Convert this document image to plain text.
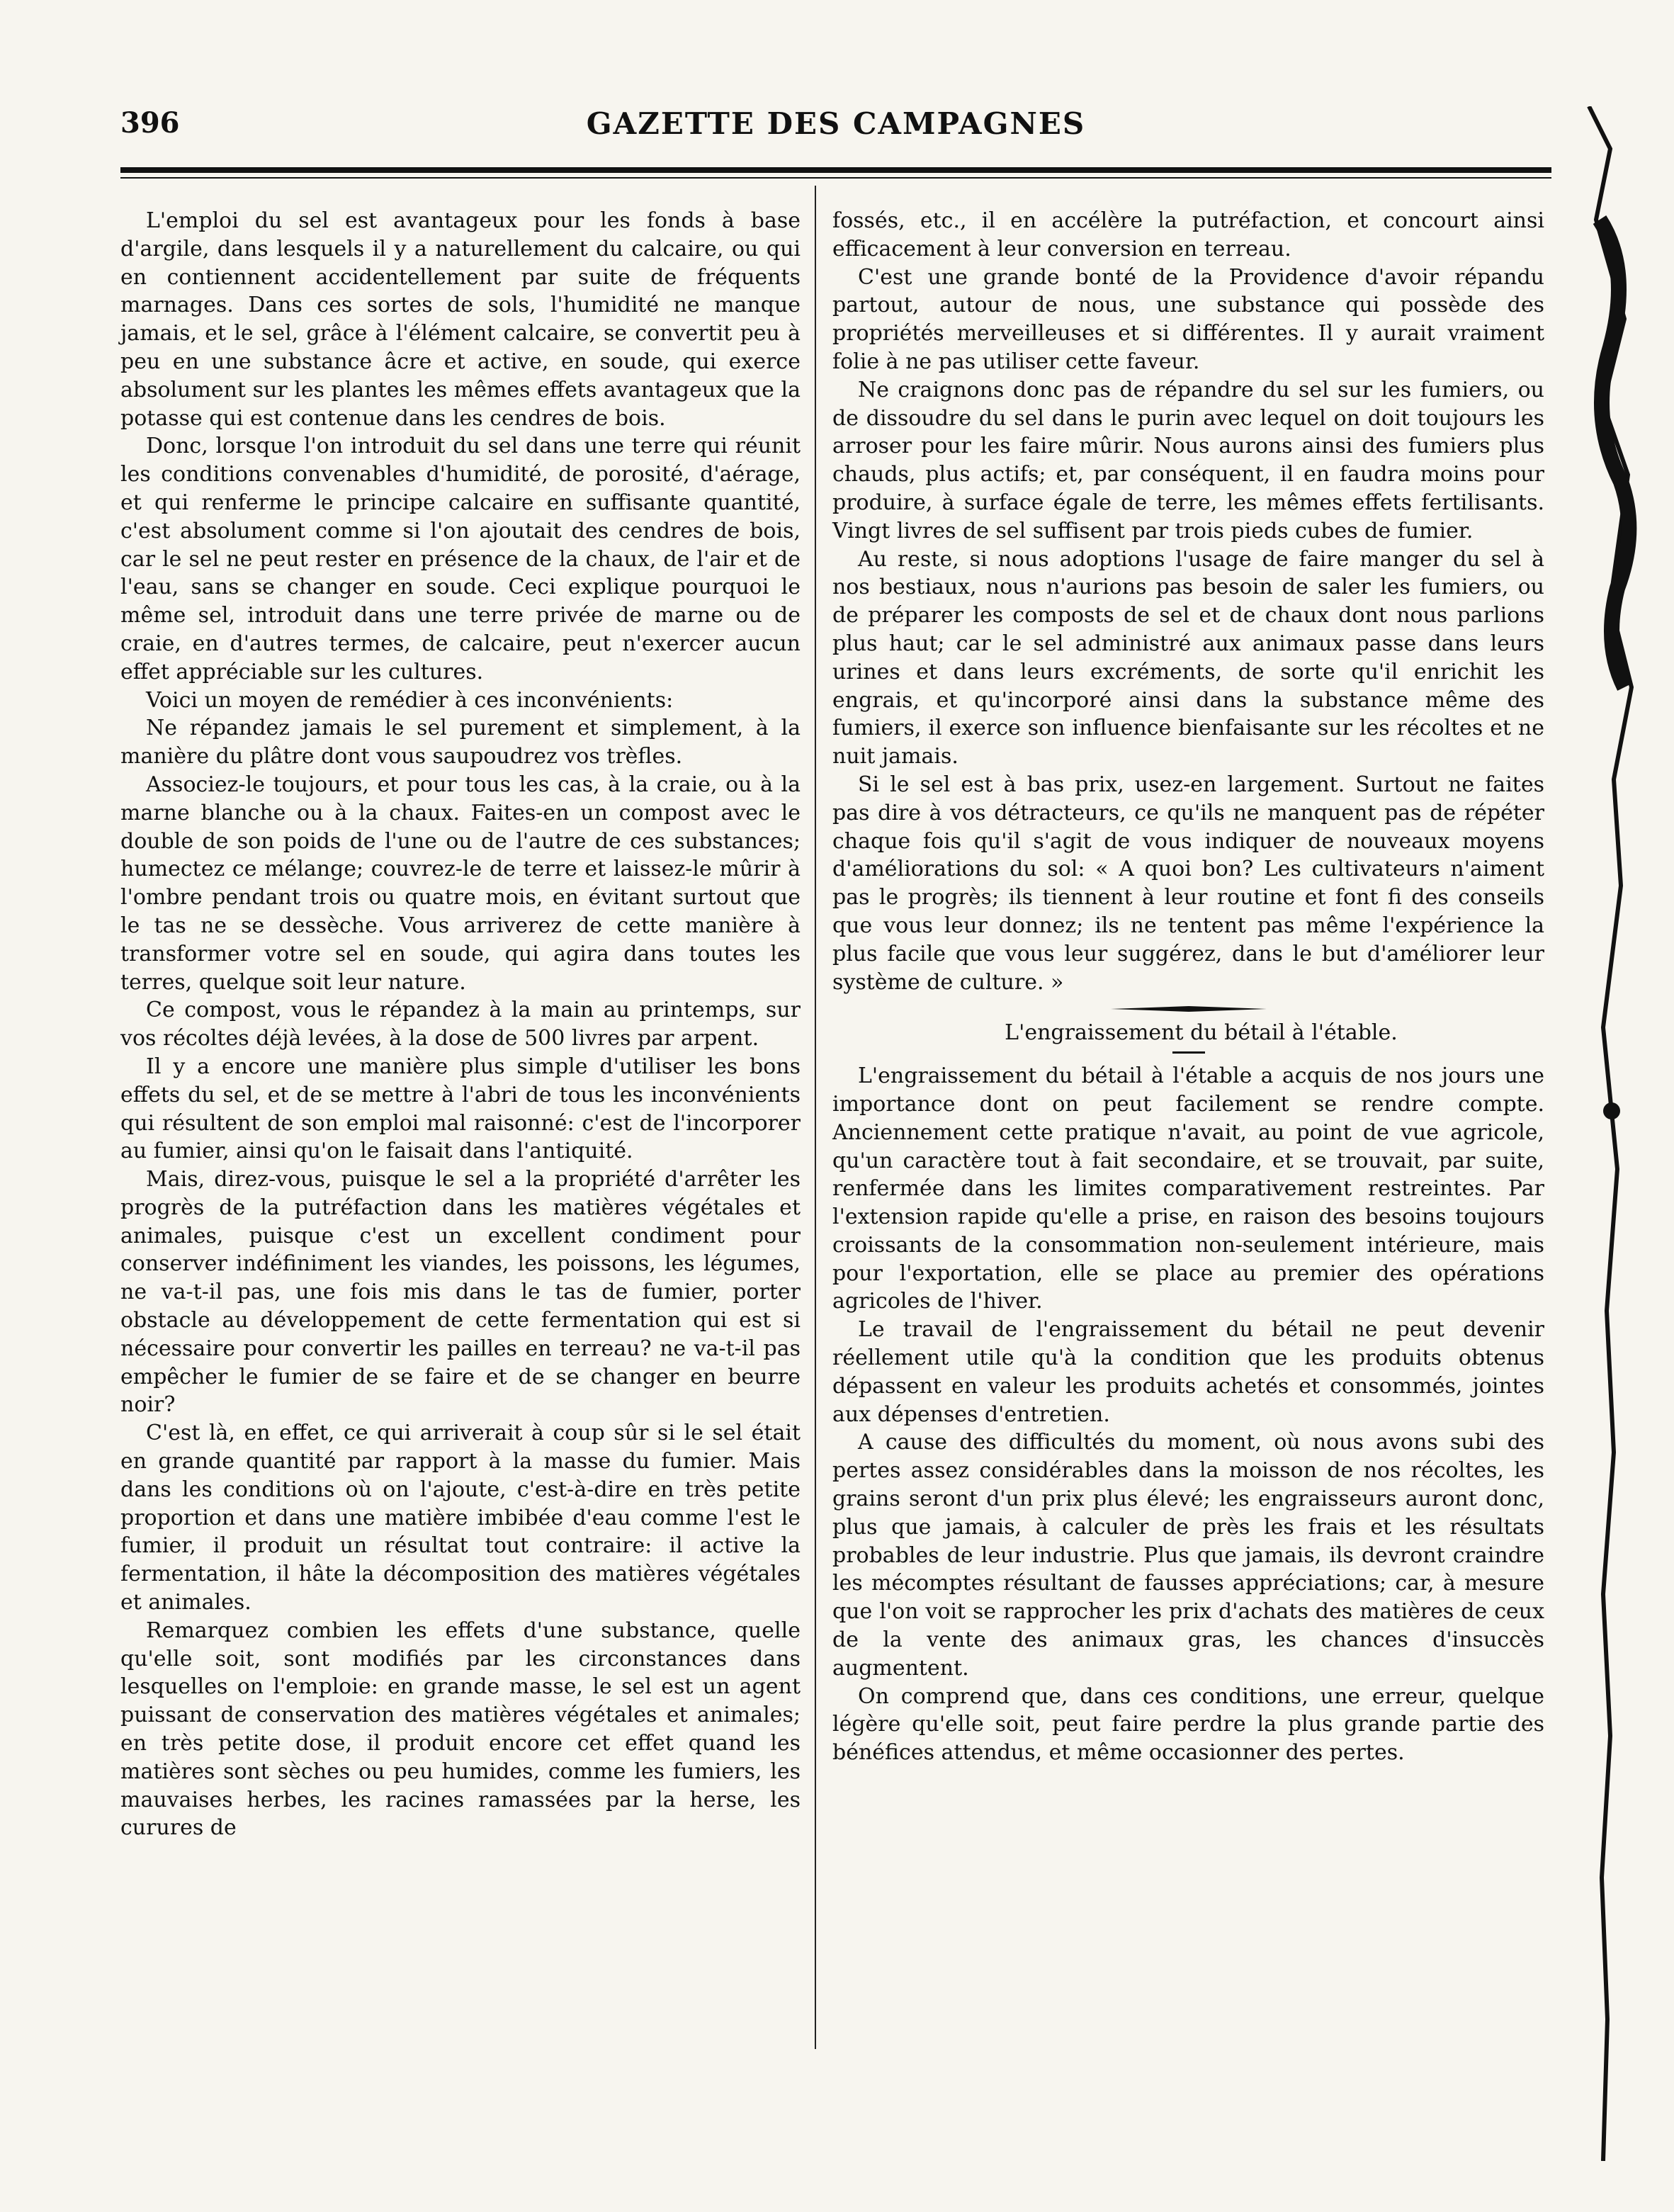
396	GAZETTE DES CAMPAGNES

L'emploi du sel est avantageux pour les fonds à base d'argile, dans lesquels il y a naturellement du calcaire, ou qui en contiennent accidentellement par suite de fréquents marnages. Dans ces sortes de sols, l'humidité ne manque jamais, et le sel, grâce à l'élément calcaire, se convertit peu à peu en une substance âcre et active, en soude, qui exerce absolument sur les plantes les mêmes effets avantageux que la potasse qui est contenue dans les cendres de bois.

Donc, lorsque l'on introduit du sel dans une terre qui réunit les conditions convenables d'humidité, de porosité, d'aérage, et qui renferme le principe calcaire en suffisante quantité, c'est absolument comme si l'on ajoutait des cendres de bois, car le sel ne peut rester en présence de la chaux, de l'air et de l'eau, sans se changer en soude. Ceci explique pourquoi le même sel, introduit dans une terre privée de marne ou de craie, en d'autres termes, de calcaire, peut n'exercer aucun effet appréciable sur les cultures.

Voici un moyen de remédier à ces inconvénients:

Ne répandez jamais le sel purement et simplement, à la manière du plâtre dont vous saupoudrez vos trèfles.

Associez-le toujours, et pour tous les cas, à la craie, ou à la marne blanche ou à la chaux. Faites-en un compost avec le double de son poids de l'une ou de l'autre de ces substances; humectez ce mélange; couvrez-le de terre et laissez-le mûrir à l'ombre pendant trois ou quatre mois, en évitant surtout que le tas ne se dessèche. Vous arriverez de cette manière à transformer votre sel en soude, qui agira dans toutes les terres, quelque soit leur nature.

Ce compost, vous le répandez à la main au printemps, sur vos récoltes déjà levées, à la dose de 500 livres par arpent.

Il y a encore une manière plus simple d'utiliser les bons effets du sel, et de se mettre à l'abri de tous les inconvénients qui résultent de son emploi mal raisonné: c'est de l'incorporer au fumier, ainsi qu'on le faisait dans l'antiquité.

Mais, direz-vous, puisque le sel a la propriété d'arrêter les progrès de la putréfaction dans les matières végétales et animales, puisque c'est un excellent condiment pour conserver indéfiniment les viandes, les poissons, les légumes, ne va-t-il pas, une fois mis dans le tas de fumier, porter obstacle au développement de cette fermentation qui est si nécessaire pour convertir les pailles en terreau? ne va-t-il pas empêcher le fumier de se faire et de se changer en beurre noir?

C'est là, en effet, ce qui arriverait à coup sûr si le sel était en grande quantité par rapport à la masse du fumier. Mais dans les conditions où on l'ajoute, c'est-à-dire en très petite proportion et dans une matière imbibée d'eau comme l'est le fumier, il produit un résultat tout contraire: il active la fermentation, il hâte la décomposition des matières végétales et animales.

Remarquez combien les effets d'une substance, quelle qu'elle soit, sont modifiés par les circonstances dans lesquelles on l'emploie: en grande masse, le sel est un agent puissant de conservation des matières végétales et animales; en très petite dose, il produit encore cet effet quand les matières sont sèches ou peu humides, comme les fumiers, les mauvaises herbes, les racines ramassées par la herse, les curures de

fossés, etc., il en accélère la putréfaction, et concourt ainsi efficacement à leur conversion en terreau.

C'est une grande bonté de la Providence d'avoir répandu partout, autour de nous, une substance qui possède des propriétés merveilleuses et si différentes. Il y aurait vraiment folie à ne pas utiliser cette faveur.

Ne craignons donc pas de répandre du sel sur les fumiers, ou de dissoudre du sel dans le purin avec lequel on doit toujours les arroser pour les faire mûrir. Nous aurons ainsi des fumiers plus chauds, plus actifs; et, par conséquent, il en faudra moins pour produire, à surface égale de terre, les mêmes effets fertilisants. Vingt livres de sel suffisent par trois pieds cubes de fumier.

Au reste, si nous adoptions l'usage de faire manger du sel à nos bestiaux, nous n'aurions pas besoin de saler les fumiers, ou de préparer les composts de sel et de chaux dont nous parlions plus haut; car le sel administré aux animaux passe dans leurs urines et dans leurs excréments, de sorte qu'il enrichit les engrais, et qu'incorporé ainsi dans la substance même des fumiers, il exerce son influence bienfaisante sur les récoltes et ne nuit jamais.

Si le sel est à bas prix, usez-en largement. Surtout ne faites pas dire à vos détracteurs, ce qu'ils ne manquent pas de répéter chaque fois qu'il s'agit de vous indiquer de nouveaux moyens d'améliorations du sol: « A quoi bon? Les cultivateurs n'aiment pas le progrès; ils tiennent à leur routine et font fi des conseils que vous leur donnez; ils ne tentent pas même l'expérience la plus facile que vous leur suggérez, dans le but d'améliorer leur système de culture. »

L'engraissement du bétail à l'étable.

L'engraissement du bétail à l'étable a acquis de nos jours une importance dont on peut facilement se rendre compte. Anciennement cette pratique n'avait, au point de vue agricole, qu'un caractère tout à fait secondaire, et se trouvait, par suite, renfermée dans les limites comparativement restreintes. Par l'extension rapide qu'elle a prise, en raison des besoins toujours croissants de la consommation non-seulement intérieure, mais pour l'exportation, elle se place au premier des opérations agricoles de l'hiver.

Le travail de l'engraissement du bétail ne peut devenir réellement utile qu'à la condition que les produits obtenus dépassent en valeur les produits achetés et consommés, jointes aux dépenses d'entretien.

A cause des difficultés du moment, où nous avons subi des pertes assez considérables dans la moisson de nos récoltes, les grains seront d'un prix plus élevé; les engraisseurs auront donc, plus que jamais, à calculer de près les frais et les résultats probables de leur industrie. Plus que jamais, ils devront craindre les mécomptes résultant de fausses appréciations; car, à mesure que l'on voit se rapprocher les prix d'achats des matières de ceux de la vente des animaux gras, les chances d'insuccès augmentent.

On comprend que, dans ces conditions, une erreur, quelque légère qu'elle soit, peut faire perdre la plus grande partie des bénéfices attendus, et même occasionner des pertes.
